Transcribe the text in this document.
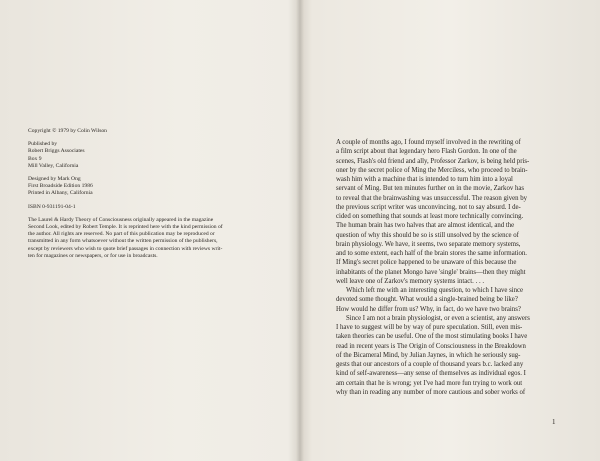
Copyright © 1979 by Colin Wilson
Published by
Robert Briggs Associates
Box 9
Mill Valley, California
Designed by Mark Ong
First Broadside Edition 1986
Printed in Albany, California
ISBN 0-931191-04-1
The Laurel & Hardy Theory of Consciousness originally appeared in the magazine
Second Look, edited by Robert Temple. It is reprinted here with the kind permission of
the author. All rights are reserved. No part of this publication may be reproduced or
transmitted in any form whatsoever without the written permission of the publishers,
except by reviewers who wish to quote brief passages in connection with reviews writ-
ten for magazines or newspapers, or for use in broadcasts.

A couple of months ago, I found myself involved in the rewriting of
a film script about that legendary hero Flash Gordon. In one of the
scenes, Flash's old friend and ally, Professor Zarkov, is being held pris-
oner by the secret police of Ming the Merciless, who proceed to brain-
wash him with a machine that is intended to turn him into a loyal
servant of Ming. But ten minutes further on in the movie, Zarkov has
to reveal that the brainwashing was unsuccessful. The reason given by
the previous script writer was unconvincing, not to say absurd. I de-
cided on something that sounds at least more technically convincing.
The human brain has two halves that are almost identical, and the
question of why this should be so is still unsolved by the science of
brain physiology. We have, it seems, two separate memory systems,
and to some extent, each half of the brain stores the same information.
If Ming's secret police happened to be unaware of this because the
inhabitants of the planet Mongo have 'single' brains—then they might
well leave one of Zarkov's memory systems intact. . . .

Which left me with an interesting question, to which I have since
devoted some thought. What would a single-brained being be like?
How would he differ from us? Why, in fact, do we have two brains?

Since I am not a brain physiologist, or even a scientist, any answers
I have to suggest will be by way of pure speculation. Still, even mis-
taken theories can be useful. One of the most stimulating books I have
read in recent years is The Origin of Consciousness in the Breakdown
of the Bicameral Mind, by Julian Jaynes, in which he seriously sug-
gests that our ancestors of a couple of thousand years b.c. lacked any
kind of self-awareness—any sense of themselves as individual egos. I
am certain that he is wrong; yet I've had more fun trying to work out
why than in reading any number of more cautious and sober works of

1
